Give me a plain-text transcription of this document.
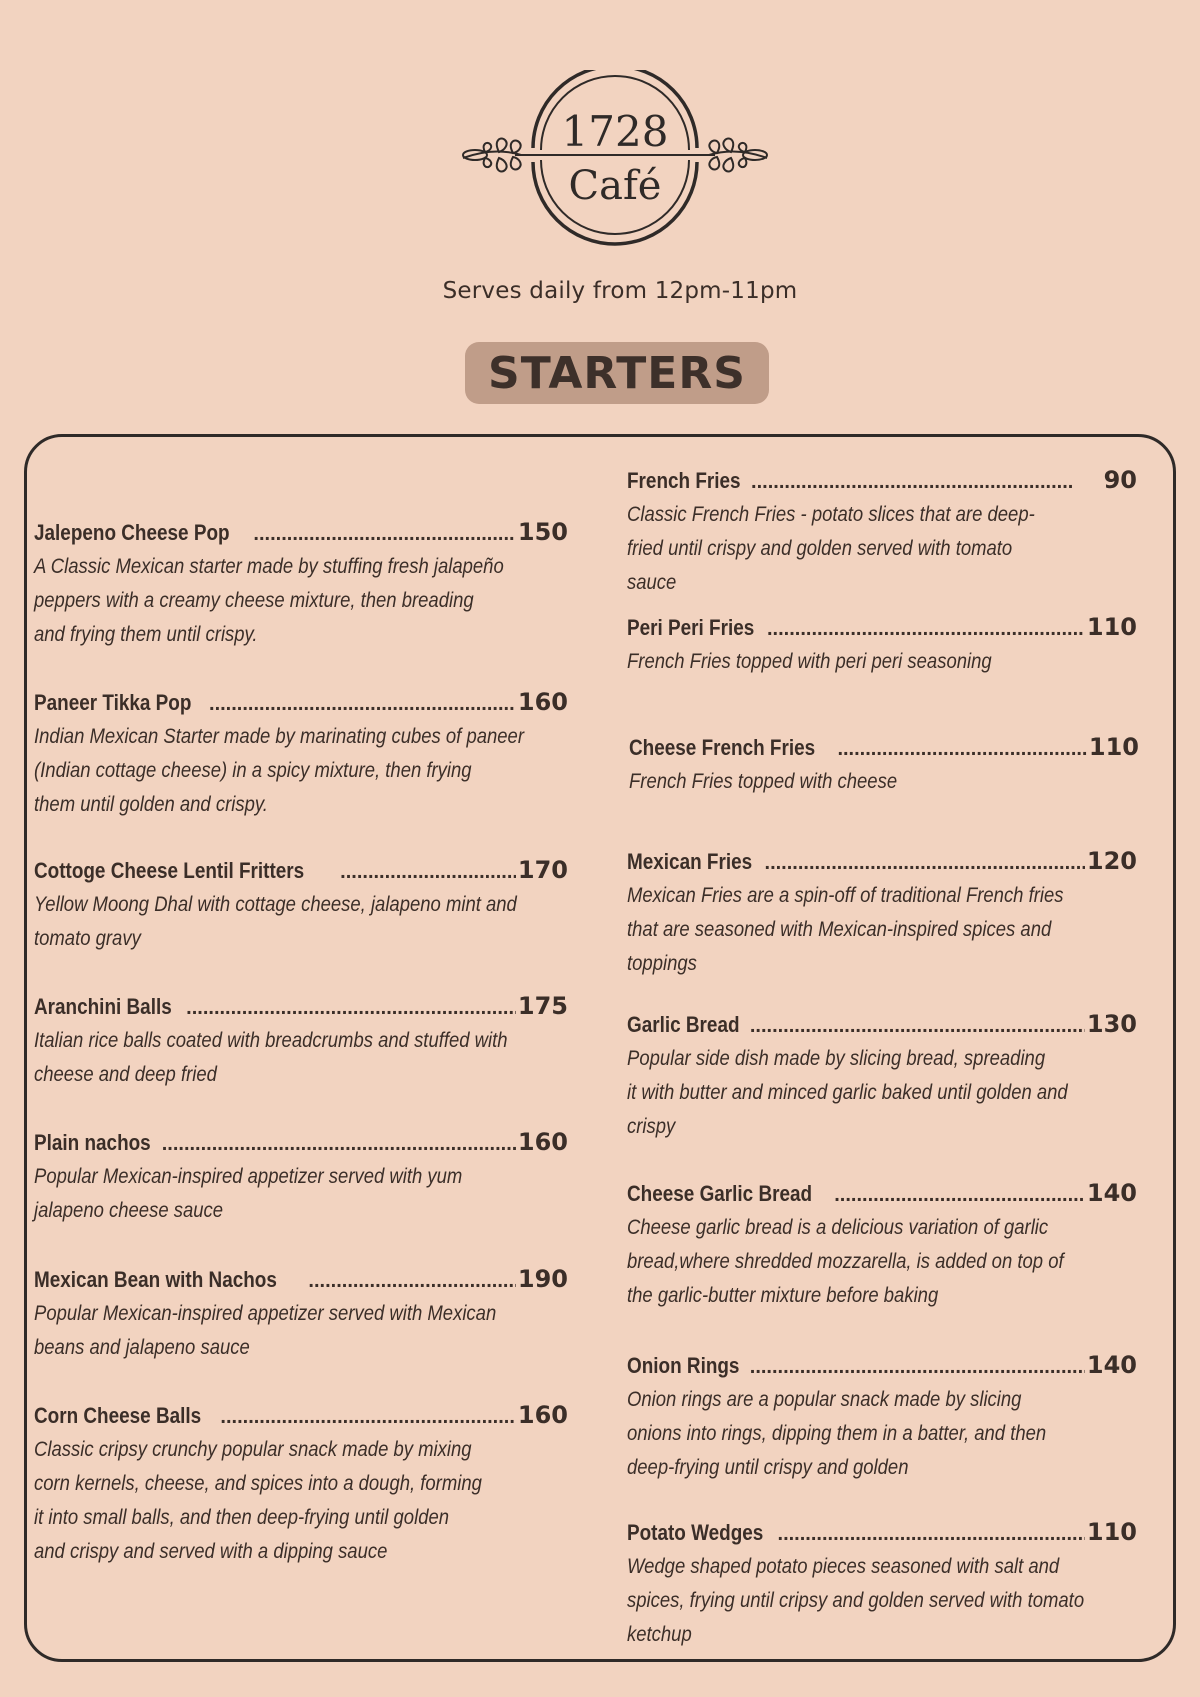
1728
Café
Serves daily from 12pm-11pm
STARTERS
Jalepeno Cheese Pop .....	150
A Classic Mexican starter made by stuffing fresh jalapeño
peppers with a creamy cheese mixture, then breading
and frying them until crispy.
Paneer Tikka Pop .....	160
Indian Mexican Starter made by marinating cubes of paneer
(Indian cottage cheese) in a spicy mixture, then frying
them until golden and crispy.
Cottoge Cheese Lentil Fritters .....	170
Yellow Moong Dhal with cottage cheese, jalapeno mint and
tomato gravy
Aranchini Balls .....	175
Italian rice balls coated with breadcrumbs and stuffed with
cheese and deep fried
Plain nachos .....	160
Popular Mexican-inspired appetizer served with yum
jalapeno cheese sauce
Mexican Bean with Nachos .....	190
Popular Mexican-inspired appetizer served with Mexican
beans and jalapeno sauce
Corn Cheese Balls .....	160
Classic cripsy crunchy popular snack made by mixing
corn kernels, cheese, and spices into a dough, forming
it into small balls, and then deep-frying until golden
and crispy and served with a dipping sauce
French Fries .....	90
Classic French Fries - potato slices that are deep-
fried until crispy and golden served with tomato
sauce
Peri Peri Fries .....	110
French Fries topped with peri peri seasoning
Cheese French Fries .....	110
French Fries topped with cheese
Mexican Fries .....	120
Mexican Fries are a spin-off of traditional French fries
that are seasoned with Mexican-inspired spices and
toppings
Garlic Bread .....	130
Popular side dish made by slicing bread, spreading
it with butter and minced garlic baked until golden and
crispy
Cheese Garlic Bread .....	140
Cheese garlic bread is a delicious variation of garlic
bread,where shredded mozzarella, is added on top of
the garlic-butter mixture before baking
Onion Rings .....	140
Onion rings are a popular snack made by slicing
onions into rings, dipping them in a batter, and then
deep-frying until crispy and golden
Potato Wedges .....	110
Wedge shaped potato pieces seasoned with salt and
spices, frying until cripsy and golden served with tomato
ketchup
